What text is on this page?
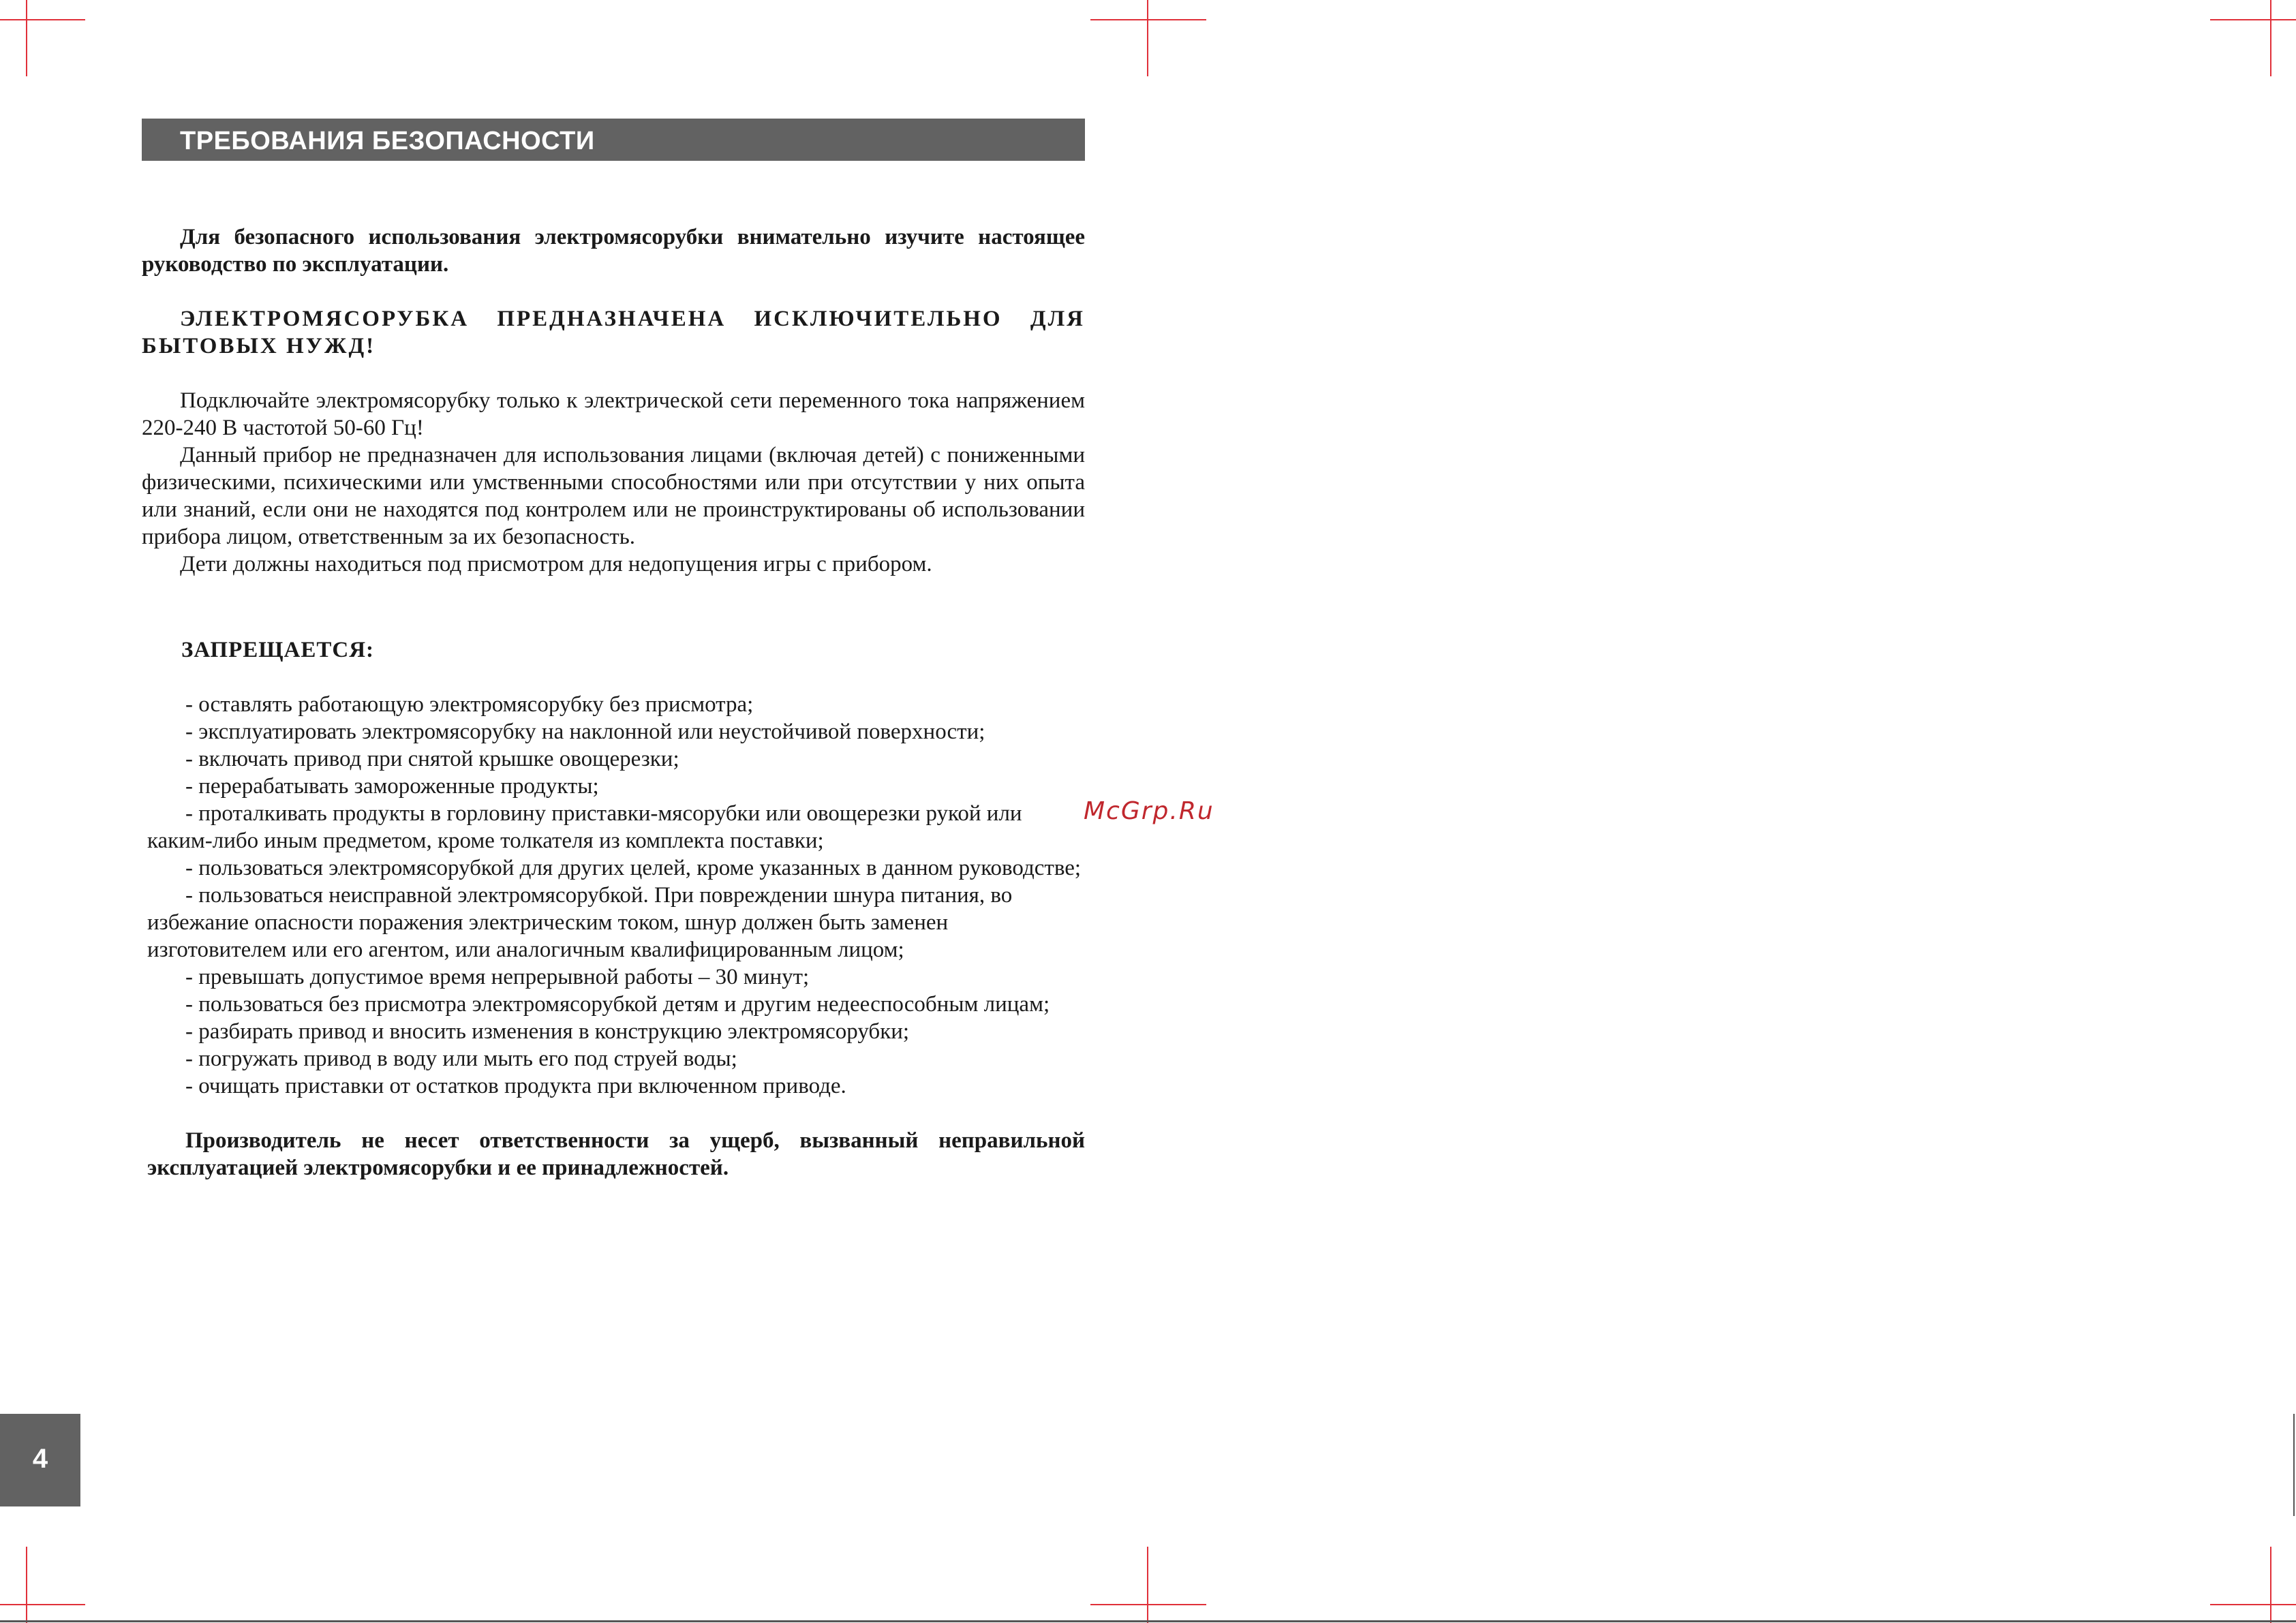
ТРЕБОВАНИЯ БЕЗОПАСНОСТИ

Для безопасного использования электромясорубки внимательно изучите настоящее руководство по эксплуатации.

ЭЛЕКТРОМЯСОРУБКА ПРЕДНАЗНАЧЕНА ИСКЛЮЧИТЕЛЬНО ДЛЯ БЫТОВЫХ НУЖД!

Подключайте электромясорубку только к электрической сети переменного тока напряжением 220-240 В частотой 50-60 Гц!

Данный прибор не предназначен для использования лицами (включая детей) с пониженными физическими, психическими или умственными способностями или при отсутствии у них опыта или знаний, если они не находятся под контролем или не проинструктированы об использовании прибора лицом, ответственным за их безопасность.

Дети должны находиться под присмотром для недопущения игры с прибором.

ЗАПРЕЩАЕТСЯ:

- оставлять работающую электромясорубку без присмотра;
- эксплуатировать электромясорубку на наклонной или неустойчивой поверхности;
- включать привод при снятой крышке овощерезки;
- перерабатывать замороженные продукты;
- проталкивать продукты в горловину приставки-мясорубки или овощерезки рукой или каким-либо иным предметом, кроме толкателя из комплекта поставки;
- пользоваться электромясорубкой для других целей, кроме указанных в данном руководстве;
- пользоваться неисправной электромясорубкой. При повреждении шнура питания, во избежание опасности поражения электрическим током, шнур должен быть заменен изготовителем или его агентом, или аналогичным квалифицированным лицом;
- превышать допустимое время непрерывной работы – 30 минут;
- пользоваться без присмотра электромясорубкой детям и другим недееспособным лицам;
- разбирать привод и вносить изменения в конструкцию электромясорубки;
- погружать привод в воду или мыть его под струей воды;
- очищать приставки от остатков продукта при включенном приводе.

Производитель не несет ответственности за ущерб, вызванный неправильной эксплуатацией электромясорубки и ее принадлежностей.

McGrp.Ru
4
